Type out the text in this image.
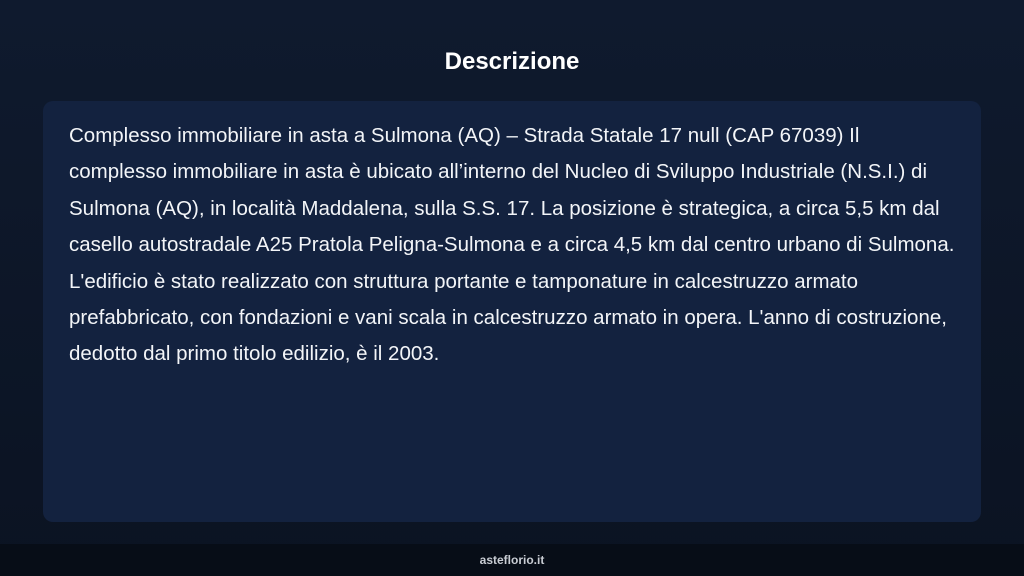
Descrizione

Complesso immobiliare in asta a Sulmona (AQ) – Strada Statale 17 null (CAP 67039) Il complesso immobiliare in asta è ubicato all’interno del Nucleo di Sviluppo Industriale (N.S.I.) di Sulmona (AQ), in località Maddalena, sulla S.S. 17. La posizione è strategica, a circa 5,5 km dal casello autostradale A25 Pratola Peligna-Sulmona e a circa 4,5 km dal centro urbano di Sulmona. L'edificio è stato realizzato con struttura portante e tamponature in calcestruzzo armato prefabbricato, con fondazioni e vani scala in calcestruzzo armato in opera. L'anno di costruzione, dedotto dal primo titolo edilizio, è il 2003.

asteflorio.it
